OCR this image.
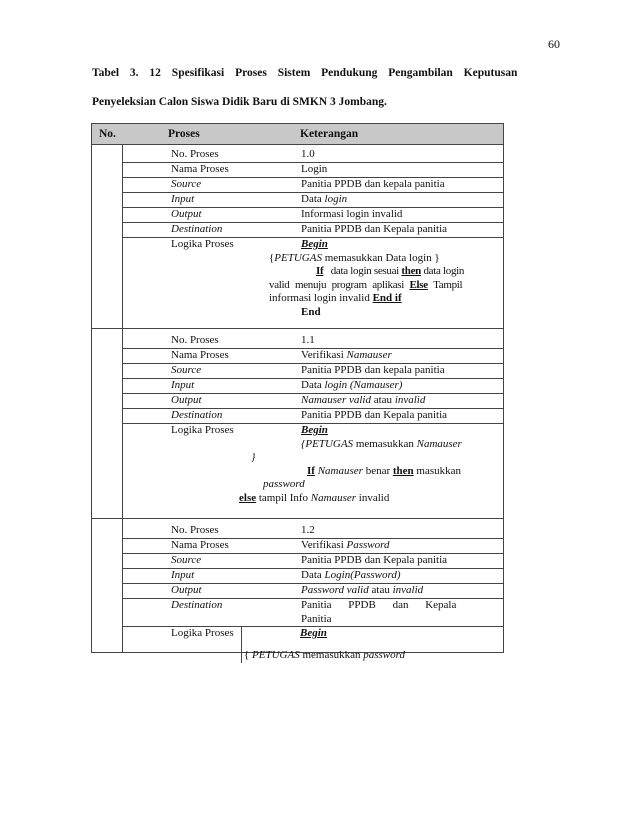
60
Tabel 3. 12 Spesifikasi Proses Sistem Pendukung Pengambilan Keputusan
Penyeleksian Calon Siswa Didik Baru di SMKN 3 Jombang.
No.	Proses	Keterangan
No. Proses	1.0
Nama Proses	Login
Source	Panitia PPDB dan kepala panitia
Input	Data login
Output	Informasi login invalid
Destination	Panitia PPDB dan Kepala panitia
Logika Proses	Begin
{PETUGAS memasukkan Data login }
If data login sesuai then data login
valid menuju program aplikasi Else Tampil
informasi login invalid End if
End
No. Proses	1.1
Nama Proses	Verifikasi Namauser
Source	Panitia PPDB dan kepala panitia
Input	Data login (Namauser)
Output	Namauser valid atau invalid
Destination	Panitia PPDB dan Kepala panitia
Logika Proses	Begin
{PETUGAS memasukkan Namauser
}
If Namauser benar then masukkan
password
else tampil Info Namauser invalid
No. Proses	1.2
Nama Proses	Verifikasi Password
Source	Panitia PPDB dan Kepala panitia
Input	Data Login(Password)
Output	Password valid atau invalid
Destination	Panitia PPDB dan Kepala Panitia
Logika Proses	Begin
{ PETUGAS memasukkan password
